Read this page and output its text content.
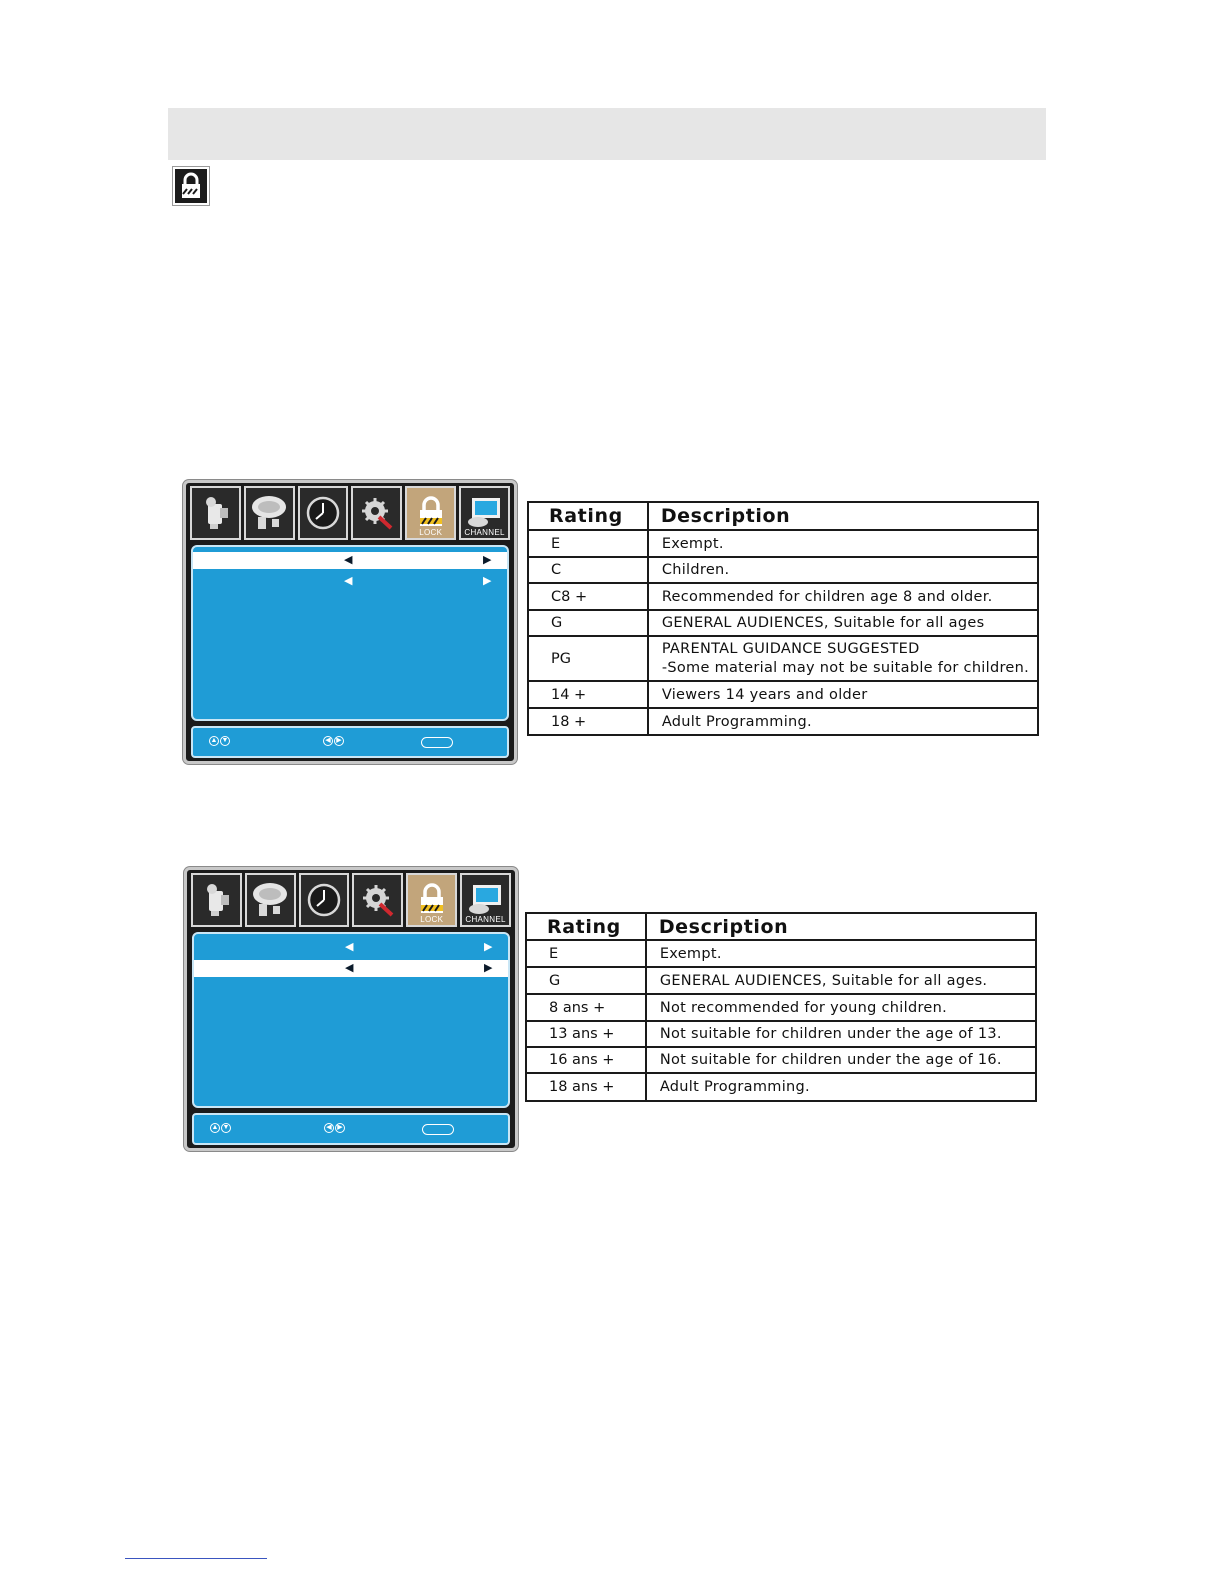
LOCK	CHANNEL
◀	▶
◀	▶
▲ ▼	◀ ▶
Rating	Description
E	Exempt.
C	Children.
C8 +	Recommended for children age 8 and older.
G	GENERAL AUDIENCES, Suitable for all ages
PG	PARENTAL GUIDANCE SUGGESTED
-Some material may not be suitable for children.

14 +	Viewers 14 years and older
18 +	Adult Programming.
LOCK	CHANNEL
◀	▶
◀	▶
▲ ▼	◀ ▶
Rating	Description
E	Exempt.
G	GENERAL AUDIENCES, Suitable for all ages.
8 ans +	Not recommended for young children.
13 ans +	Not suitable for children under the age of 13.
16 ans +	Not suitable for children under the age of 16.
18 ans +	Adult Programming.
